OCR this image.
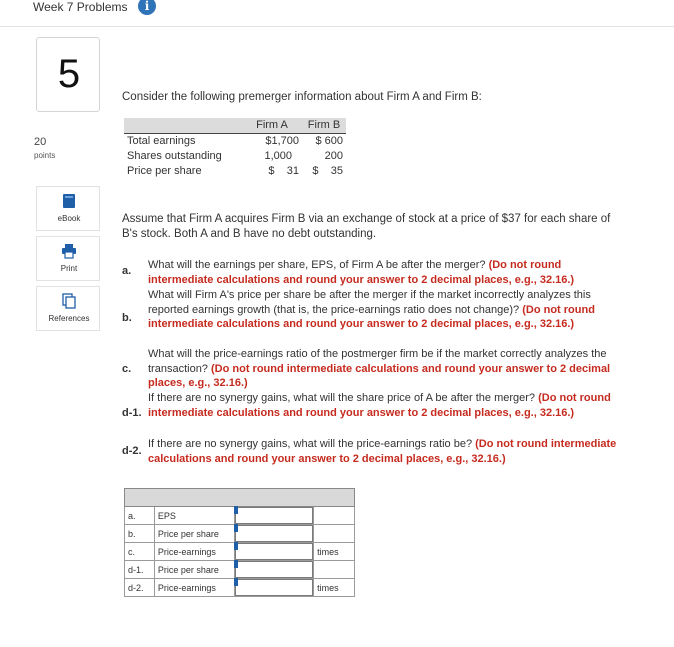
Week 7 Problems	i
5
20
points
eBook
Print
References
Consider the following premerger information about Firm A and Firm B:
	Firm A	Firm B
Total earnings	$1,700	$ 600
Shares outstanding	1,000	200
Price per share	$    31	$    35
Assume that Firm A acquires Firm B via an exchange of stock at a price of $37 for each share of B's stock. Both A and B have no debt outstanding.
a. What will the earnings per share, EPS, of Firm A be after the merger? (Do not round intermediate calculations and round your answer to 2 decimal places, e.g., 32.16.)
b.
What will Firm A's price per share be after the merger if the market incorrectly analyzes this reported earnings growth (that is, the price-earnings ratio does not change)? (Do not round intermediate calculations and round your answer to 2 decimal places, e.g., 32.16.)
c.
What will the price-earnings ratio of the postmerger firm be if the market correctly analyzes the transaction? (Do not round intermediate calculations and round your answer to 2 decimal places, e.g., 32.16.)
d-1.
If there are no synergy gains, what will the share price of A be after the merger? (Do not round intermediate calculations and round your answer to 2 decimal places, e.g., 32.16.)
d-2.
If there are no synergy gains, what will the price-earnings ratio be? (Do not round intermediate calculations and round your answer to 2 decimal places, e.g., 32.16.)

a.	EPS	

b.	Price per share	

c.	Price-earnings		times
d-1.	Price per share	

d-2.	Price-earnings		times
